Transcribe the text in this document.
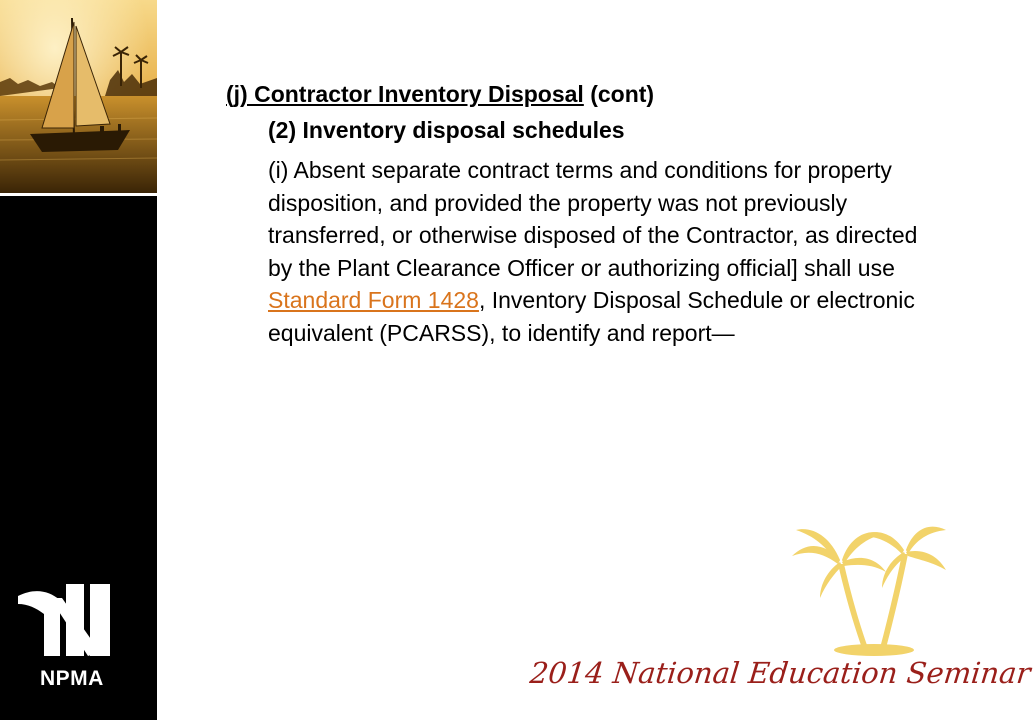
NPMA

(j) Contractor Inventory Disposal (cont)

(2) Inventory disposal schedules

(i) Absent separate contract terms and conditions for property disposition, and provided the property was not previously transferred, or otherwise disposed of the Contractor, as directed by the Plant Clearance Officer or authorizing official] shall use Standard Form 1428, Inventory Disposal Schedule or electronic equivalent (PCARSS), to identify and report—

2014 National Education Seminar
